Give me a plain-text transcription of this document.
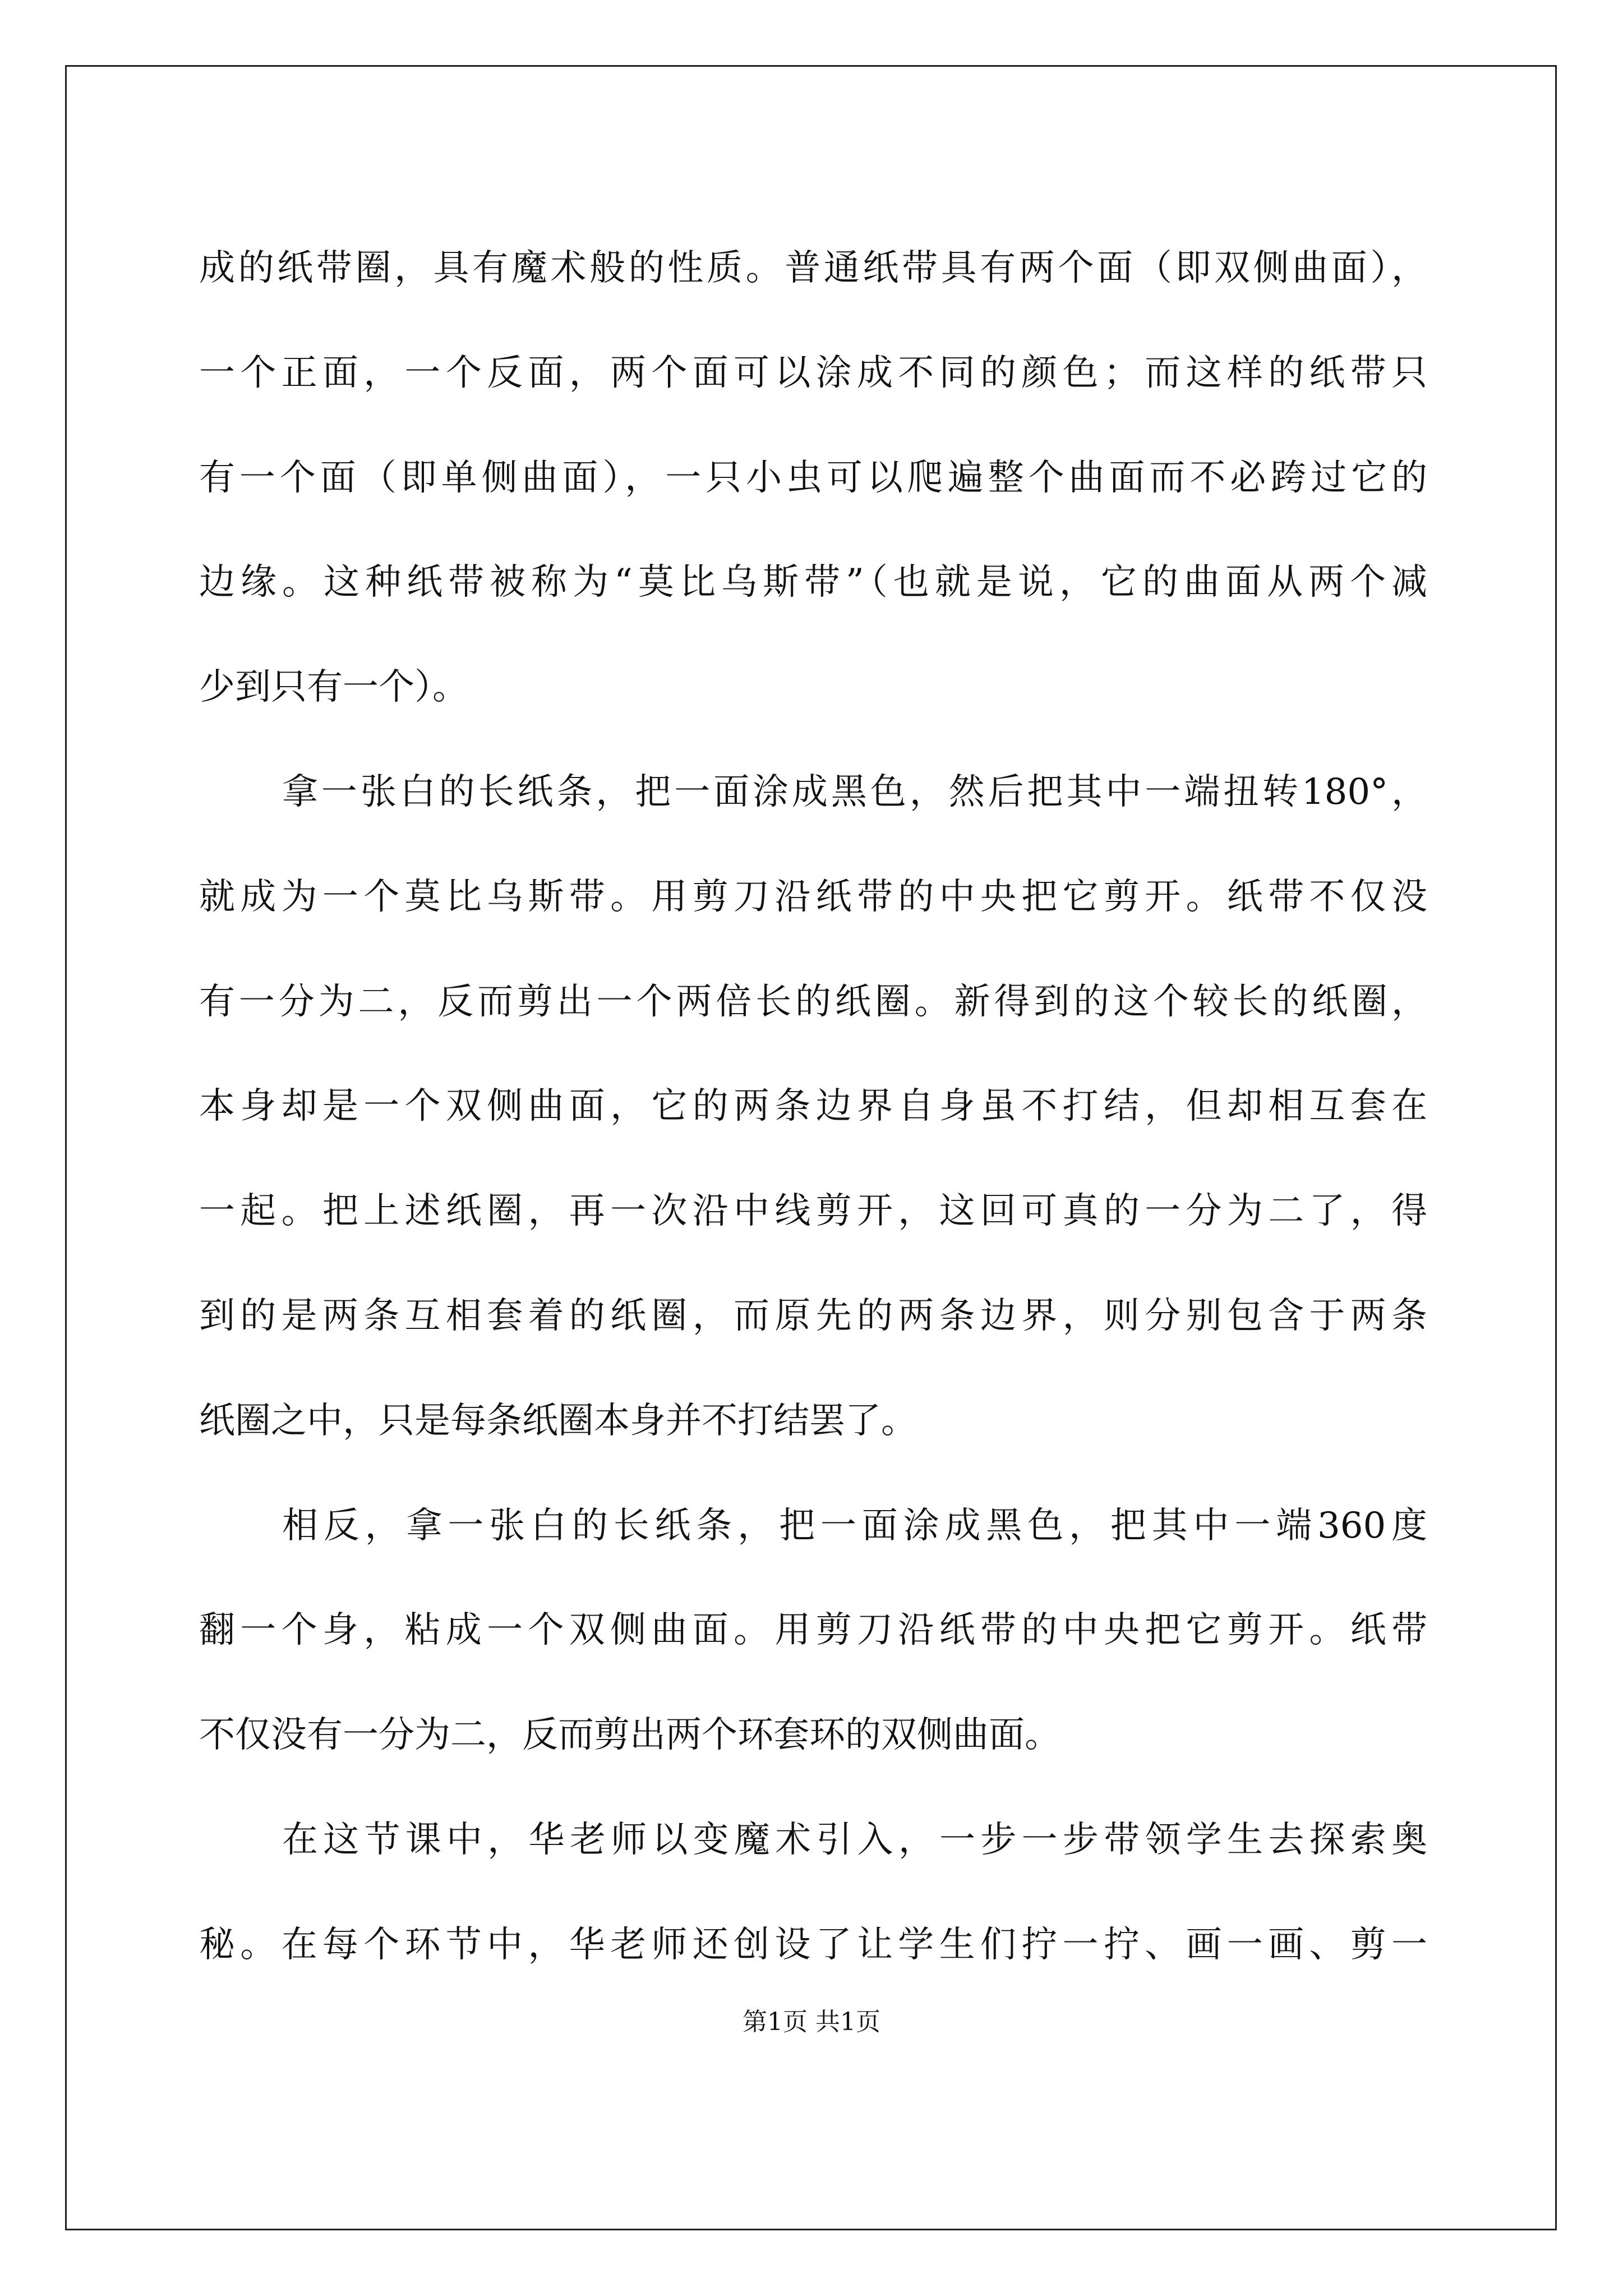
成的纸带圈，具有魔术般的性质。普通纸带具有两个面（即双侧曲面），
一个正面，一个反面，两个面可以涂成不同的颜色；而这样的纸带只
有一个面（即单侧曲面），一只小虫可以爬遍整个曲面而不必跨过它的
边缘。这种纸带被称为“莫比乌斯带”（也就是说，它的曲面从两个减
少到只有一个）。
拿一张白的长纸条，把一面涂成黑色，然后把其中一端扭转180°，
就成为一个莫比乌斯带。用剪刀沿纸带的中央把它剪开。纸带不仅没
有一分为二，反而剪出一个两倍长的纸圈。新得到的这个较长的纸圈，
本身却是一个双侧曲面，它的两条边界自身虽不打结，但却相互套在
一起。把上述纸圈，再一次沿中线剪开，这回可真的一分为二了，得
到的是两条互相套着的纸圈，而原先的两条边界，则分别包含于两条
纸圈之中，只是每条纸圈本身并不打结罢了。
相反，拿一张白的长纸条，把一面涂成黑色，把其中一端360度
翻一个身，粘成一个双侧曲面。用剪刀沿纸带的中央把它剪开。纸带
不仅没有一分为二，反而剪出两个环套环的双侧曲面。
在这节课中，华老师以变魔术引入，一步一步带领学生去探索奥
秘。在每个环节中，华老师还创设了让学生们拧一拧、画一画、剪一
第1页 共1页
